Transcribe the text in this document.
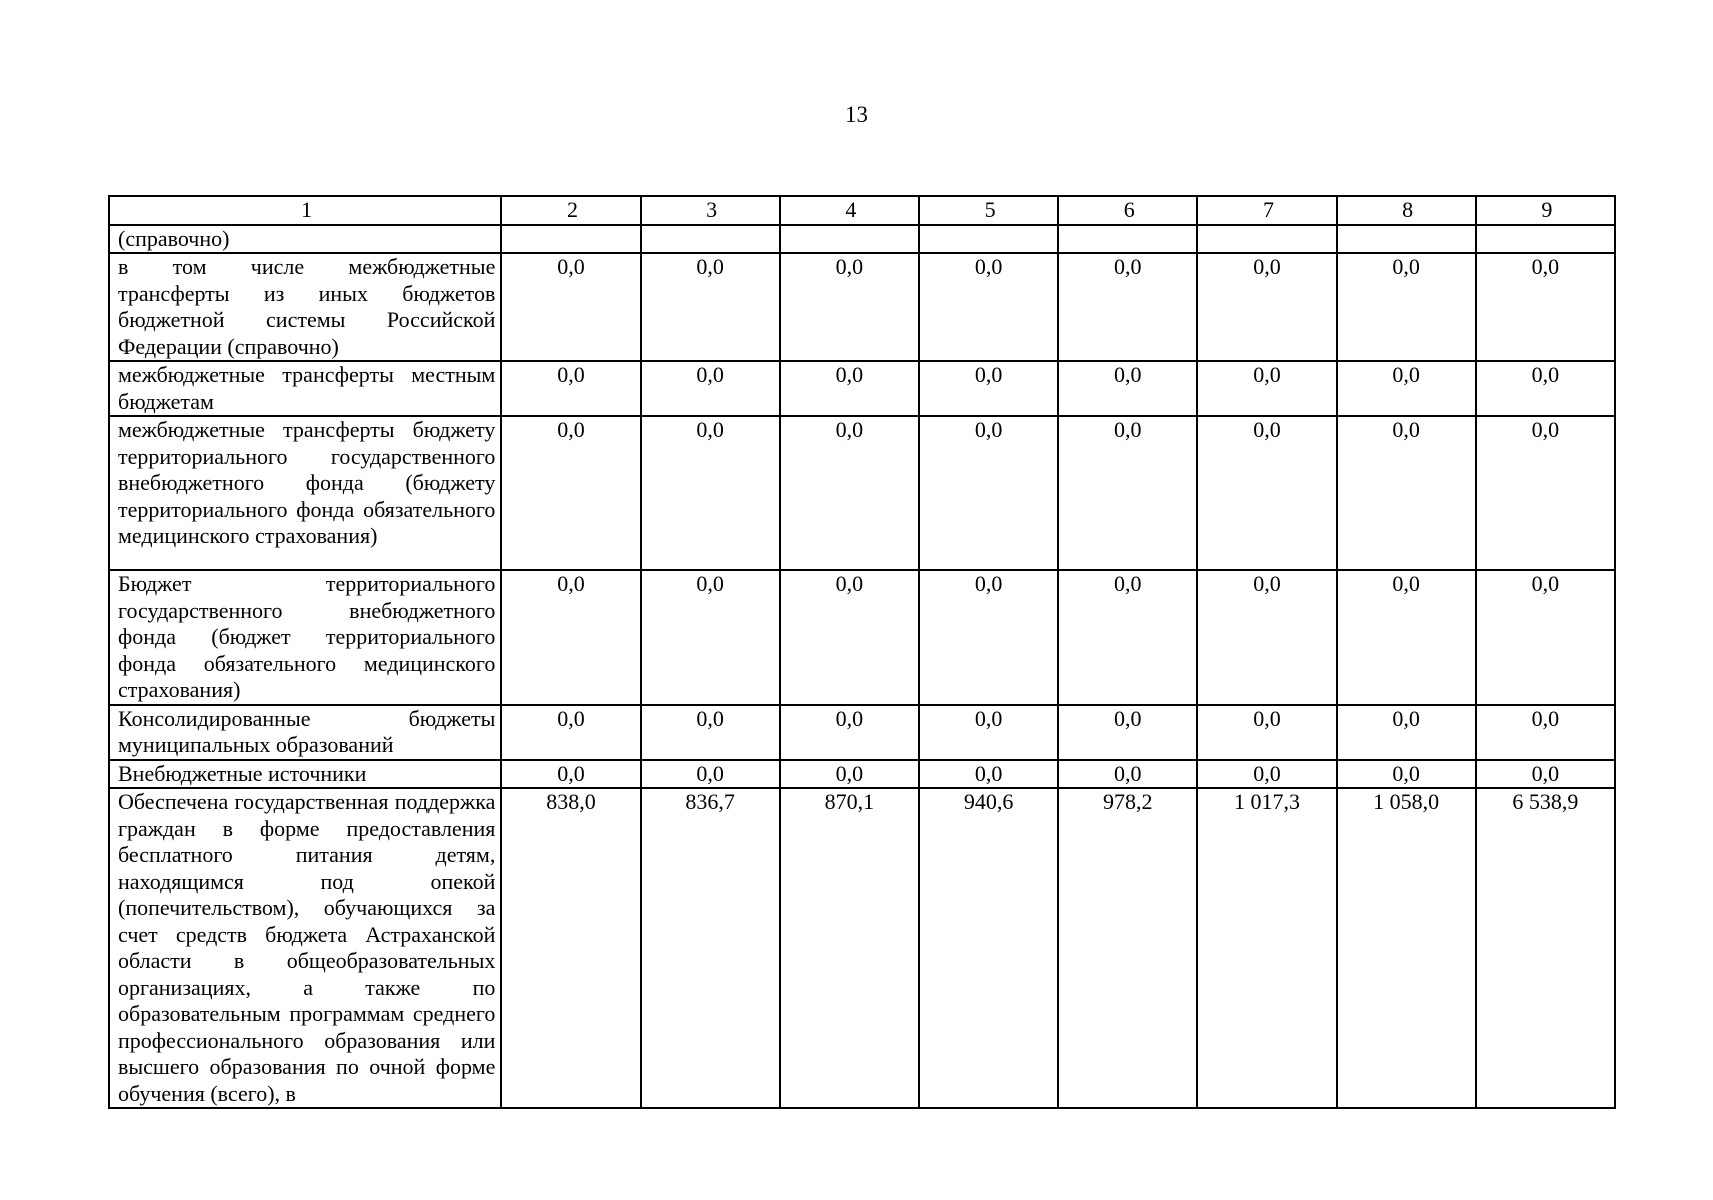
13
1	2	3	4	5	6	7	8	9
(справочно)								
в том числе межбюджетные трансферты из иных бюджетов бюджетной системы Российской Федерации (справочно)	0,0	0,0	0,0	0,0	0,0	0,0	0,0	0,0
межбюджетные трансферты местным бюджетам	0,0	0,0	0,0	0,0	0,0	0,0	0,0	0,0
межбюджетные трансферты бюджету территориального государственного внебюджетного фонда (бюджету территориального фонда обязательного медицинского страхования)	0,0	0,0	0,0	0,0	0,0	0,0	0,0	0,0
Бюджет территориального государственного внебюджетного фонда (бюджет территориального фонда обязательного медицинского страхования)	0,0	0,0	0,0	0,0	0,0	0,0	0,0	0,0
Консолидированные бюджеты муниципальных образований	0,0	0,0	0,0	0,0	0,0	0,0	0,0	0,0
Внебюджетные источники	0,0	0,0	0,0	0,0	0,0	0,0	0,0	0,0
Обеспечена государственная поддержка граждан в форме предоставления бесплатного питания детям, находящимся под опекой (попечительством), обучающихся за счет средств бюджета Астраханской области в общеобразовательных организациях, а также по образовательным программам среднего профессионального образования или высшего образования по очной форме обучения (всего), в	838,0	836,7	870,1	940,6	978,2	1 017,3	1 058,0	6 538,9
